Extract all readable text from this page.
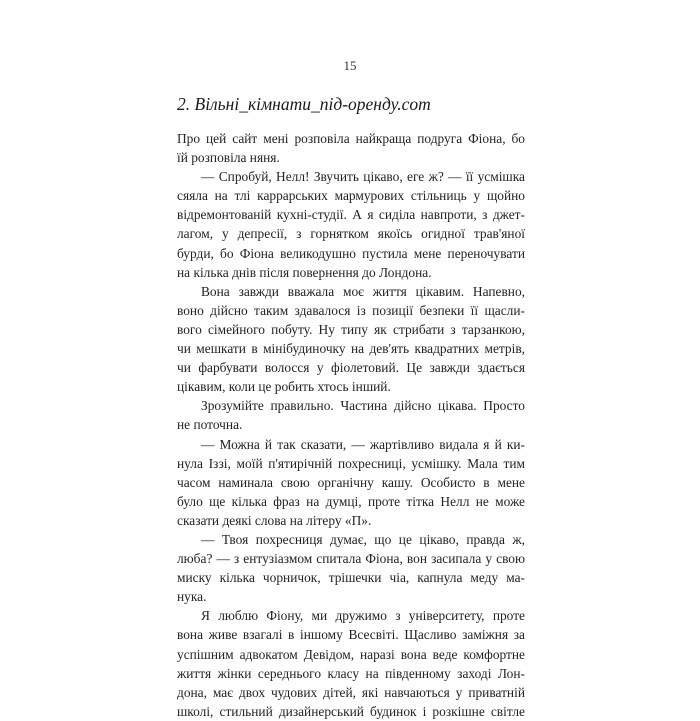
15
2. Вільні_кімнати_під-оренду.com
Про цей сайт мені розповіла найкраща подруга Фіона, бо
їй розповіла няня.
— Спробуй, Нелл! Звучить цікаво, еге ж? — її усмішка
сяяла на тлі каррарських мармурових стільниць у щойно
відремонтованій кухні-студії. А я сиділа навпроти, з джет-
лагом, у депресії, з горнятком якоїсь огидної трав'яної
бурди, бо Фіона великодушно пустила мене переночувати
на кілька днів після повернення до Лондона.
Вона завжди вважала моє життя цікавим. Напевно,
воно дійсно таким здавалося із позиції безпеки її щасли-
вого сімейного побуту. Ну типу як стрибати з тарзанкою,
чи мешкати в мінібудиночку на дев'ять квадратних метрів,
чи фарбувати волосся у фіолетовий. Це завжди здається
цікавим, коли це робить хтось інший.
Зрозумійте правильно. Частина дійсно цікава. Просто
не поточна.
— Можна й так сказати, — жартівливо видала я й ки-
нула Іззі, моїй п'ятирічній похресниці, усмішку. Мала тим
часом наминала свою органічну кашу. Особисто в мене
було ще кілька фраз на думці, проте тітка Нелл не може
сказати деякі слова на літеру «П».
— Твоя похресниця думає, що це цікаво, правда ж,
люба? — з ентузіазмом спитала Фіона, вон засипала у свою
миску кілька чорничок, трішечки чіа, капнула меду ма-
нука.
Я люблю Фіону, ми дружимо з університету, проте
вона живе взагалі в іншому Всесвіті. Щасливо заміжня за
успішним адвокатом Девідом, наразі вона веде комфортне
життя жінки середнього класу на південному заході Лон-
дона, має двох чудових дітей, які навчаються у приватній
школі, стильний дизайнерський будинок і розкішне світле
